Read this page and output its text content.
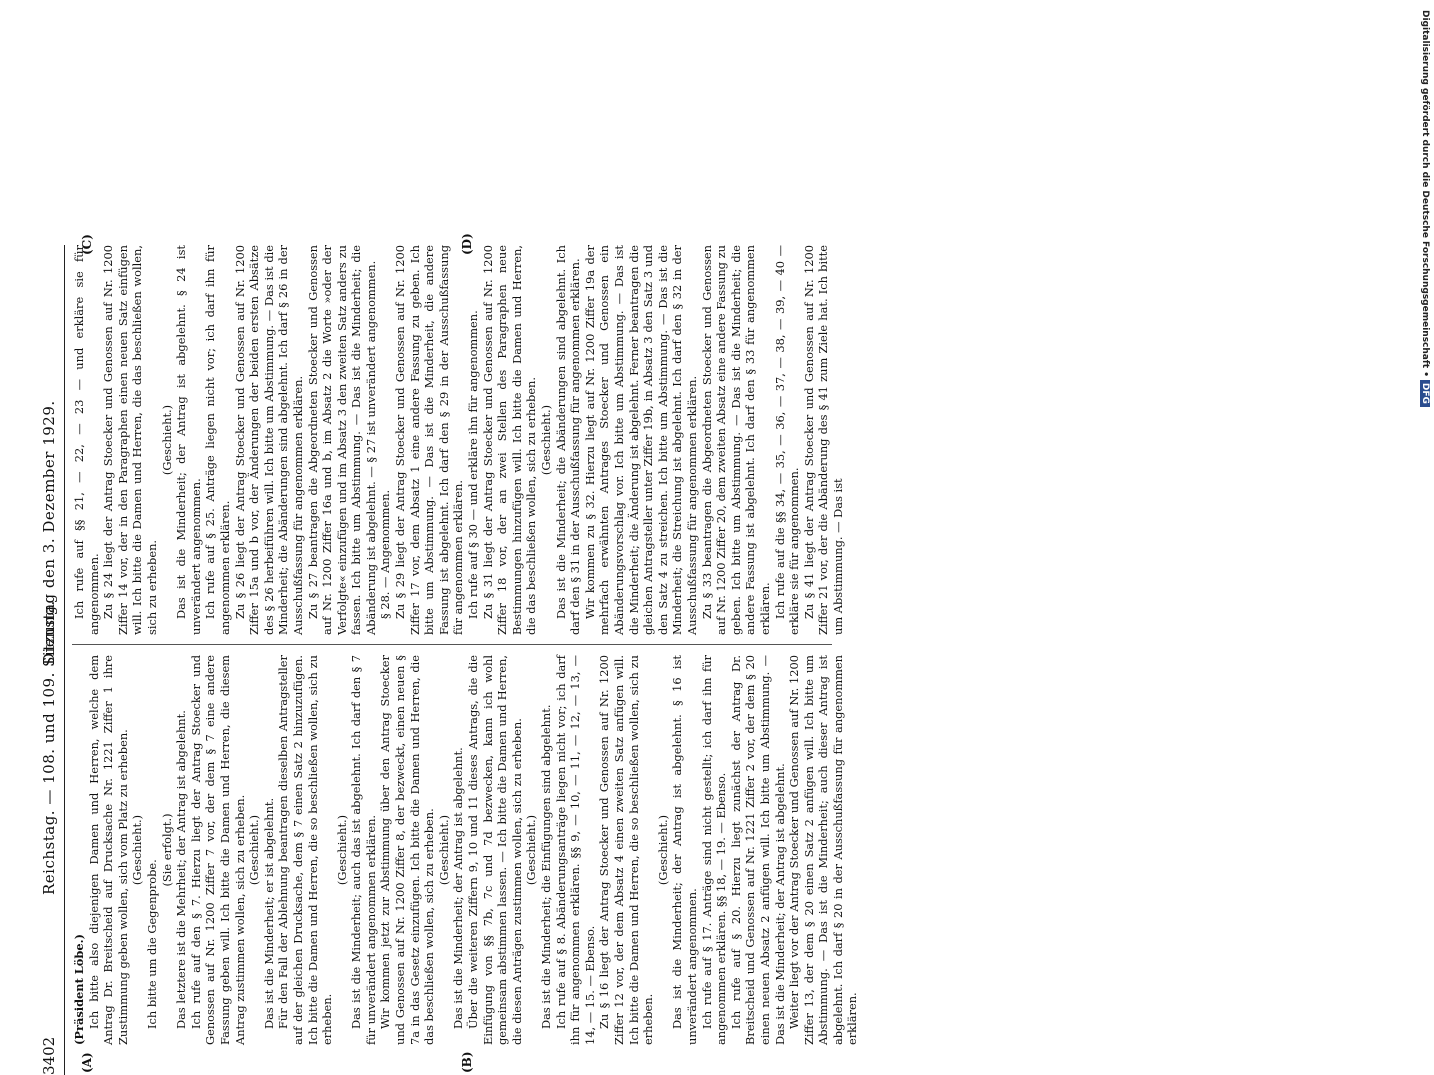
3402
Reichstag. — 108. und 109. Sitzung.
Dienstag den 3. Dezember 1929.
(A)	(B)
(C)	(D)

(Präsident Löbe.) Ich bitte also diejenigen Damen und Herren, welche dem Antrag Dr. Breitscheid auf Drucksache Nr. 1221 Ziffer 1 ihre Zustimmung geben wollen, sich vom Platz zu erheben. (Geschieht.)

Ich bitte um die Gegenprobe.

(Sie erfolgt.) Das letztere ist die Mehrheit; der Antrag ist abgelehnt. Ich rufe auf den § 7. Hierzu liegt der Antrag Stoecker und Genossen auf Nr. 1200 Ziffer 7 vor, der dem § 7 eine andere Fassung geben will. Ich bitte die Damen und Herren, die diesem Antrag zustimmen wollen, sich zu erheben. (Geschieht.) Das ist die Minderheit; er ist abgelehnt. Für den Fall der Ablehnung beantragen dieselben Antragsteller auf der gleichen Drucksache, dem § 7 einen Satz 2 hinzuzufügen. Ich bitte die Damen und Herren, die so beschließen wollen, sich zu erheben.

(Geschieht.) Das ist die Minderheit; auch das ist abgelehnt. Ich darf den § 7 für unverändert angenommen erklären. Wir kommen jetzt zur Abstimmung über den Antrag Stoecker und Genossen auf Nr. 1200 Ziffer 8, der bezweckt, einen neuen § 7a in das Gesetz einzufügen. Ich bitte die Damen und Herren, die das beschließen wollen, sich zu erheben. (Geschieht.) Das ist die Minderheit; der Antrag ist abgelehnt. Über die weiteren Ziffern 9, 10 und 11 dieses Antrags, die die Einfügung von §§ 7b, 7c und 7d bezwecken, kann ich wohl gemeinsam abstimmen lassen. — Ich bitte die Damen und Herren, die diesen Anträgen zustimmen wollen, sich zu erheben. (Geschieht.) Das ist die Minderheit; die Einfügungen sind abgelehnt. Ich rufe auf § 8. Abänderungsanträge liegen nicht vor; ich darf ihn für angenommen erklären. §§ 9, — 10, — 11, — 12, — 13, — 14, — 15. — Ebenso. Zu § 16 liegt der Antrag Stoecker und Genossen auf Nr. 1200 Ziffer 12 vor, der dem Absatz 4 einen zweiten Satz anfügen will. Ich bitte die Damen und Herren, die so beschließen wollen, sich zu erheben.

(Geschieht.) Das ist die Minderheit; der Antrag ist abgelehnt. § 16 ist unverändert angenommen. Ich rufe auf § 17. Anträge sind nicht gestellt; ich darf ihn für angenommen erklären. §§ 18, — 19. — Ebenso. Ich rufe auf § 20. Hierzu liegt zunächst der Antrag Dr. Breitscheid und Genossen auf Nr. 1221 Ziffer 2 vor, der dem § 20 einen neuen Absatz 2 anfügen will. Ich bitte um Abstimmung. — Das ist die Minderheit; der Antrag ist abgelehnt. Weiter liegt vor der Antrag Stoecker und Genossen auf Nr. 1200 Ziffer 13, der dem § 20 einen Satz 2 anfügen will. Ich bitte um Abstimmung. — Das ist die Minderheit; auch dieser Antrag ist abgelehnt. Ich darf § 20 in der Ausschußfassung für angenommen erklären.

Ich rufe auf §§ 21, — 22, — 23 — und erkläre sie für angenommen. Zu § 24 liegt der Antrag Stoecker und Genossen auf Nr. 1200 Ziffer 14 vor, der in den Paragraphen einen neuen Satz einfügen will. Ich bitte die Damen und Herren, die das beschließen wollen, sich zu erheben.

(Geschieht.) Das ist die Minderheit; der Antrag ist abgelehnt. § 24 ist unverändert angenommen. Ich rufe auf § 25. Anträge liegen nicht vor; ich darf ihn für angenommen erklären. Zu § 26 liegt der Antrag Stoecker und Genossen auf Nr. 1200 Ziffer 15a und b vor, der Änderungen der beiden ersten Absätze des § 26 herbeiführen will. Ich bitte um Abstimmung. — Das ist die Minderheit; die Abänderungen sind abgelehnt. Ich darf § 26 in der Ausschußfassung für angenommen erklären. Zu § 27 beantragen die Abgeordneten Stoecker und Genossen auf Nr. 1200 Ziffer 16a und b, im Absatz 2 die Worte »oder der Verfolgte« einzufügen und im Absatz 3 den zweiten Satz anders zu fassen. Ich bitte um Abstimmung. — Das ist die Minderheit; die Abänderung ist abgelehnt. — § 27 ist unverändert angenommen. § 28. — Angenommen. Zu § 29 liegt der Antrag Stoecker und Genossen auf Nr. 1200 Ziffer 17 vor, dem Absatz 1 eine andere Fassung zu geben. Ich bitte um Abstimmung. — Das ist die Minderheit, die andere Fassung ist abgelehnt. Ich darf den § 29 in der Ausschußfassung für angenommen erklären. Ich rufe auf § 30 — und erkläre ihn für angenommen. Zu § 31 liegt der Antrag Stoecker und Genossen auf Nr. 1200 Ziffer 18 vor, der an zwei Stellen des Paragraphen neue Bestimmungen hinzufügen will. Ich bitte die Damen und Herren, die das beschließen wollen, sich zu erheben. (Geschieht.) Das ist die Minderheit; die Abänderungen sind abgelehnt. Ich darf den § 31 in der Ausschußfassung für angenommen erklären. Wir kommen zu § 32. Hierzu liegt auf Nr. 1200 Ziffer 19a der mehrfach erwähnten Antrages Stoecker und Genossen ein Abänderungsvorschlag vor. Ich bitte um Abstimmung. — Das ist die Minderheit; die Änderung ist abgelehnt. Ferner beantragen die gleichen Antragsteller unter Ziffer 19b, in Absatz 3 den Satz 3 und den Satz 4 zu streichen. Ich bitte um Abstimmung. — Das ist die Minderheit; die Streichung ist abgelehnt. Ich darf den § 32 in der Ausschußfassung für angenommen erklären. Zu § 33 beantragen die Abgeordneten Stoecker und Genossen auf Nr. 1200 Ziffer 20, dem zweiten Absatz eine andere Fassung zu geben. Ich bitte um Abstimmung. — Das ist die Minderheit; die andere Fassung ist abgelehnt. Ich darf den § 33 für angenommen erklären. Ich rufe auf die §§ 34, — 35, — 36, — 37, — 38, — 39, — 40 — erkläre sie für angenommen. Zu § 41 liegt der Antrag Stoecker und Genossen auf Nr. 1200 Ziffer 21 vor, der die Abänderung des § 41 zum Ziele hat. Ich bitte um Abstimmung. — Das ist

Digitalisierung gefördert durch die Deutsche Forschungsgemeinschaft • DFG
